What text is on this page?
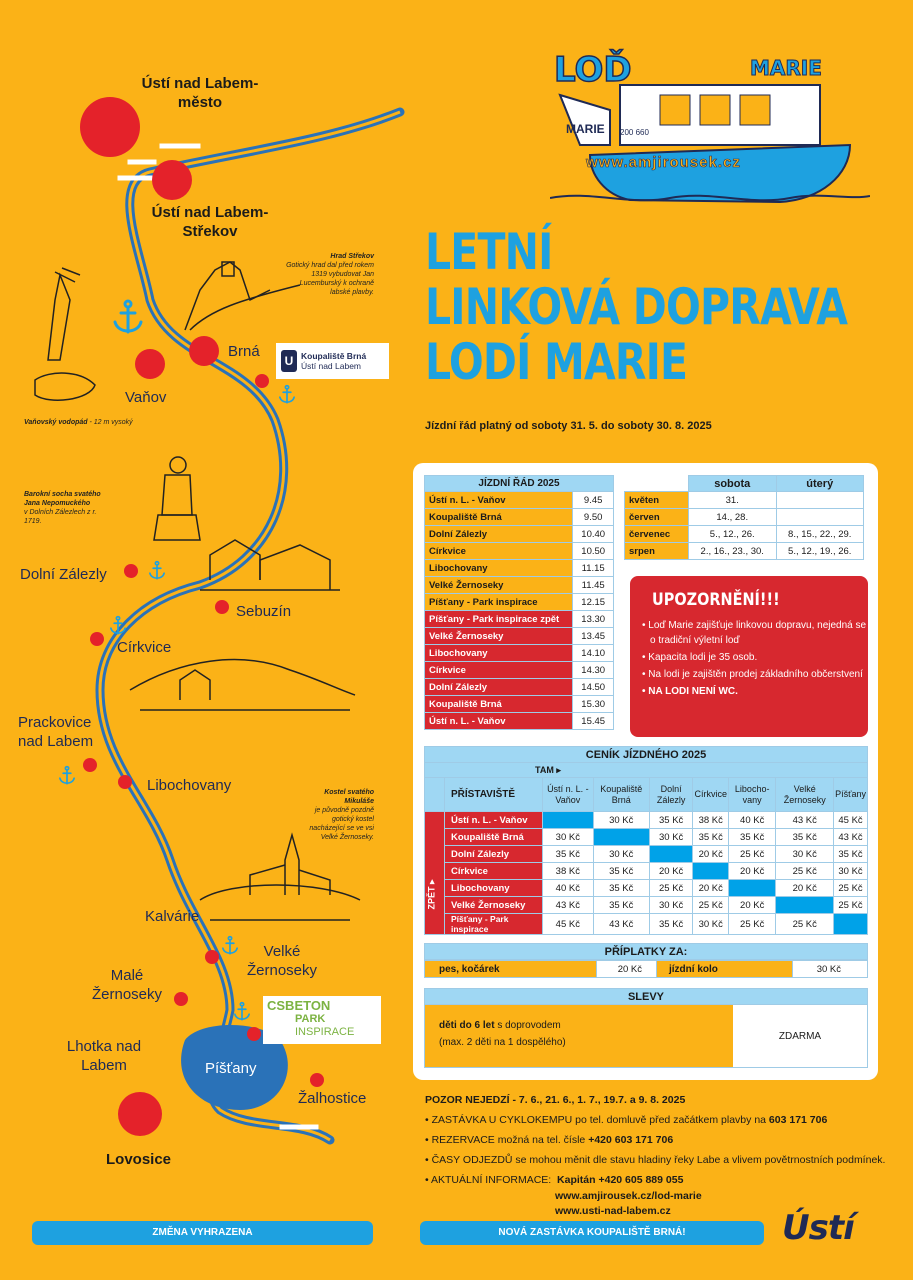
Ústí nad Labem-město
Ústí nad Labem-Střekov
Brná
Vaňov
Dolní Zálezly
Sebuzín
Církvice
Prackovice nad Labem
Libochovany
Kalvárie
Velké Žernoseky
Malé Žernoseky
Lhotka nad Labem	Píšťany
Žalhostice
Lovosice
Hrad Střekov
Gotický hrad dal před rokem 1319 vybudovat Jan Lucemburský k ochraně labské plavby.
Vaňovský vodopád - 12 m vysoký
Barokní socha svatého Jana Nepomuckého
v Dolních Zálezlech z r. 1719.
Kostel svatého Mikuláše
je původně pozdně gotický kostel nacházející se ve vsi Velké Žernoseky.
U Koupaliště Brná
Ústí nad Labem
CSBETON
PARK
INSPIRACE
LOĎ	MARIE
MARIE 200 660
www.amjirousek.cz
LETNÍ
LINKOVÁ DOPRAVA
LODÍ MARIE
Jízdní řád platný od soboty 31. 5. do soboty 30. 8. 2025
JÍZDNÍ ŘÁD 2025	
Ústí n. L. - Vaňov	9.45
Koupaliště Brná	9.50
Dolní Zálezly	10.40
Církvice	10.50
Libochovany	11.15
Velké Žernoseky	11.45
Píšťany - Park inspirace	12.15
Píšťany - Park inspirace zpět	13.30
Velké Žernoseky	13.45
Libochovany	14.10
Církvice	14.30
Dolní Zálezly	14.50
Koupaliště Brná	15.30
Ústí n. L. - Vaňov	15.45
	sobota	úterý
květen	31.	
červen	14., 28.	
červenec	5., 12., 26.	8., 15., 22., 29.
srpen	2., 16., 23., 30.	5., 12., 19., 26.
UPOZORNĚNÍ!!!
• Loď Marie zajišťuje linkovou dopravu, nejedná se o tradiční výletní loď
• Kapacita lodi je 35 osob.
• Na lodi je zajištěn prodej základního občerstvení
• NA LODI NENÍ WC.
CENÍK JÍZDNÉHO 2025
TAM ▸
	PŘÍSTAVIŠTĚ	Ústí n. L. - Vaňov	Koupaliště Brná	Dolní Zálezly	Církvice	Libocho-vany	Velké Žernoseky	Píšťany

ZPĚT ▸	Ústí n. L. - Vaňov		30 Kč	35 Kč	38 Kč	40 Kč	43 Kč	45 Kč
	Koupaliště Brná	30 Kč		30 Kč	35 Kč	35 Kč	35 Kč	43 Kč
	Dolní Zálezly	35 Kč	30 Kč		20 Kč	25 Kč	30 Kč	35 Kč
	Církvice	38 Kč	35 Kč	20 Kč		20 Kč	25 Kč	30 Kč
	Libochovany	40 Kč	35 Kč	25 Kč	20 Kč		20 Kč	25 Kč
	Velké Žernoseky	43 Kč	35 Kč	30 Kč	25 Kč	20 Kč		25 Kč
	Píšťany - Park inspirace	45 Kč	43 Kč	35 Kč	30 Kč	25 Kč	25 Kč	
PŘÍPLATKY ZA:
pes, kočárek	20 Kč	jízdní kolo	30 Kč
SLEVY
děti do 6 let s doprovodem
(max. 2 děti na 1 dospělého)
ZDARMA
POZOR NEJEDZÍ - 7. 6., 21. 6., 1. 7., 19.7. a 9. 8. 2025
• ZASTÁVKA U CYKLOKEMPU po tel. domluvě před začátkem plavby na 603 171 706
• REZERVACE možná na tel. čísle +420 603 171 706
• ČASY ODJEZDŮ se mohou měnit dle stavu hladiny řeky Labe a vlivem povětrnostních podmínek.
• AKTUÁLNÍ INFORMACE: Kapitán +420 605 889 055
www.amjirousek.cz/lod-marie
www.usti-nad-labem.cz
ZMĚNA VYHRAZENA	NOVÁ ZASTÁVKA KOUPALIŠTĚ BRNÁ!	Ústí
